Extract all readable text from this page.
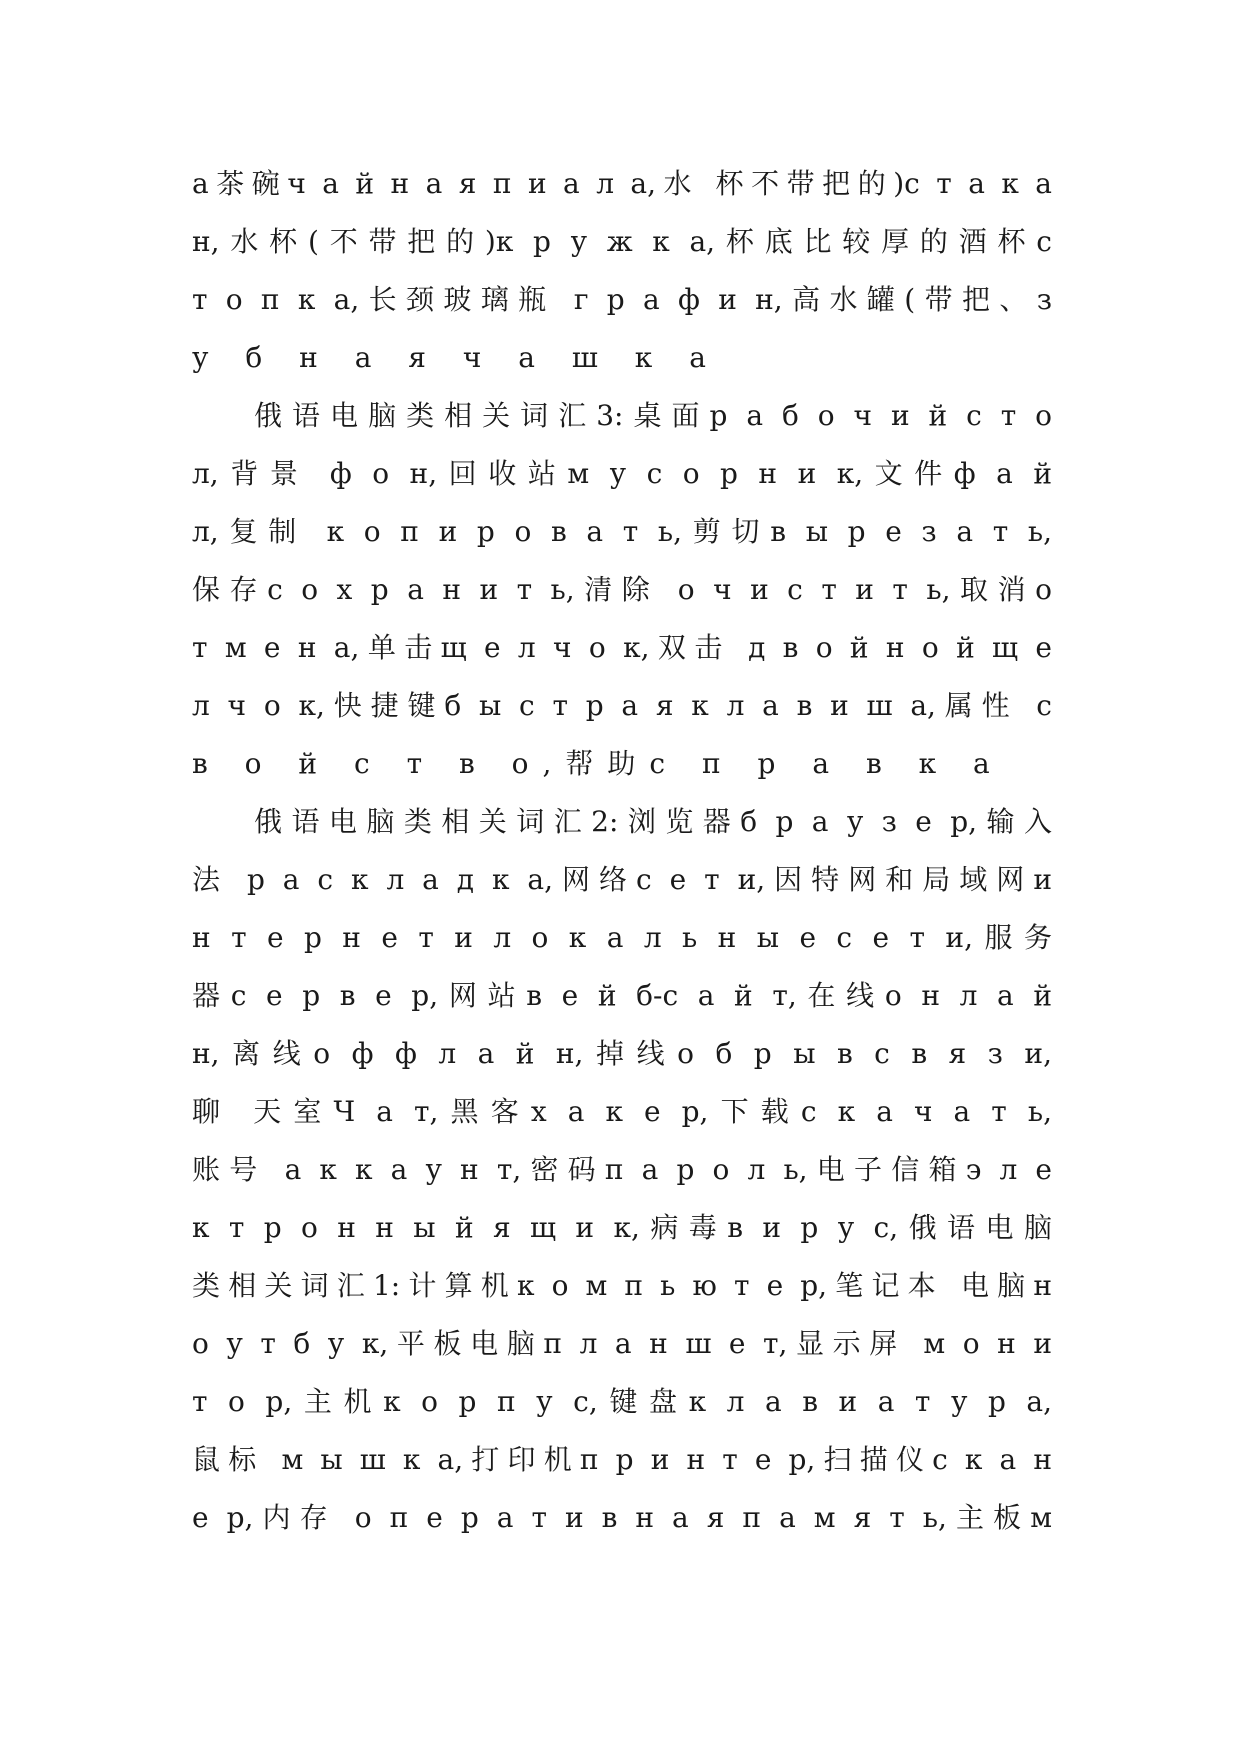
a茶碗ч а й н а я п и а л а,水 杯不带把的)с т а к а
н,水杯(不带把的)к р у ж к а,杯底比较厚的酒杯с
т о п к а,长颈玻璃瓶 г р а ф и н,高水罐(带把、з
у б н а я ч а ш к а
俄语电脑类相关词汇3:桌面р а б о ч и й с т о
л,背景 ф о н,回收站м у с о р н и к,文件ф а й
л,复制 к о п и р о в а т ь,剪切в ы р е з а т ь,
保存с о х р а н и т ь,清除 о ч и с т и т ь,取消о
т м е н а,单击щ е л ч о к,双击 д в о й н о й щ е
л ч о к,快捷键б ы с т р а я к л а в и ш а,属性 с
в о й с т в о,帮助с п р а в к а
俄语电脑类相关词汇2:浏览器б р а у з е р,输入
法 р а с к л а д к а,网络с е т и,因特网和局域网и
н т е р н е т и л о к а л ь н ы е с е т и,服务
器с е р в е р,网站в е й б-с а й т,在线о н л а й
н,离线о ф ф л а й н,掉线о б р ы в с в я з и,
聊 天室Ч а т,黑客х а к е р,下载с к а ч а т ь,
账号 а к к а у н т,密码п а р о л ь,电子信箱э л е
к т р о н н ы й я щ и к,病毒в и р у с,俄语电脑
类相关词汇1:计算机к о м п ь ю т е р,笔记本 电脑н
о у т б у к,平板电脑п л а н ш е т,显示屏 м о н и
т о р,主机к о р п у с,键盘к л а в и а т у р а,
鼠标 м ы ш к а,打印机п р и н т е р,扫描仪с к а н
е р,内存 о п е р а т и в н а я п а м я т ь,主板м
